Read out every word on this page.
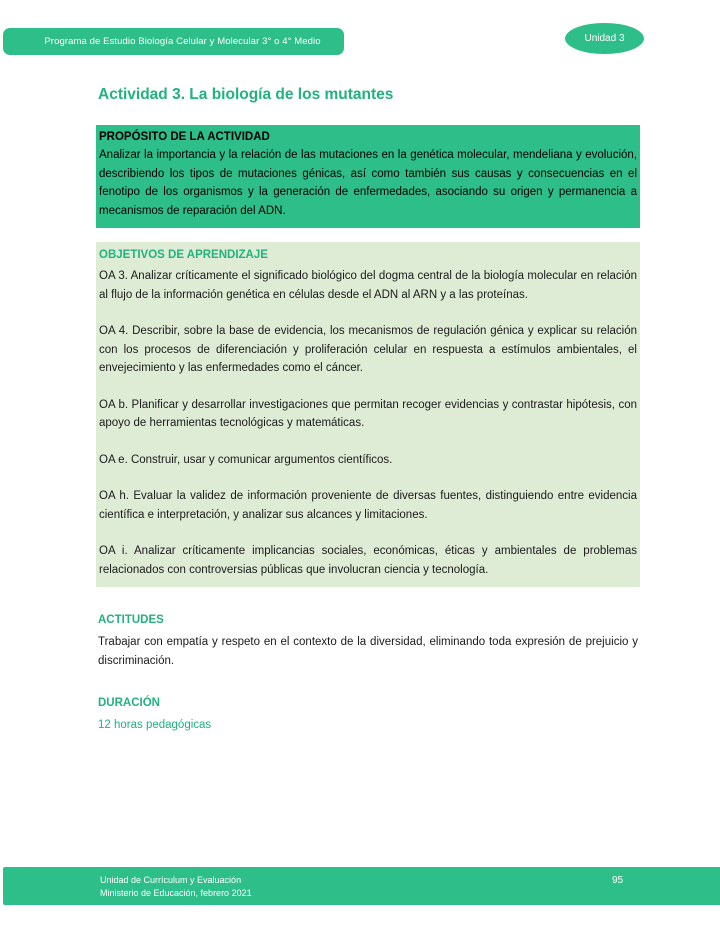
Programa de Estudio Biología Celular y Molecular 3° o 4° Medio	Unidad 3
Actividad 3. La biología de los mutantes
PROPÓSITO DE LA ACTIVIDAD

Analizar la importancia y la relación de las mutaciones en la genética molecular, mendeliana y evolución, describiendo los tipos de mutaciones génicas, así como también sus causas y consecuencias en el fenotipo de los organismos y la generación de enfermedades, asociando su origen y permanencia a mecanismos de reparación del ADN.

OBJETIVOS DE APRENDIZAJE

OA 3. Analizar críticamente el significado biológico del dogma central de la biología molecular en relación al flujo de la información genética en células desde el ADN al ARN y a las proteínas.

OA 4. Describir, sobre la base de evidencia, los mecanismos de regulación génica y explicar su relación con los procesos de diferenciación y proliferación celular en respuesta a estímulos ambientales, el envejecimiento y las enfermedades como el cáncer.

OA b. Planificar y desarrollar investigaciones que permitan recoger evidencias y contrastar hipótesis, con apoyo de herramientas tecnológicas y matemáticas.

OA e. Construir, usar y comunicar argumentos científicos.

OA h. Evaluar la validez de información proveniente de diversas fuentes, distinguiendo entre evidencia científica e interpretación, y analizar sus alcances y limitaciones.

OA i. Analizar críticamente implicancias sociales, económicas, éticas y ambientales de problemas relacionados con controversias públicas que involucran ciencia y tecnología.

ACTITUDES

Trabajar con empatía y respeto en el contexto de la diversidad, eliminando toda expresión de prejuicio y discriminación.

DURACIÓN

12 horas pedagógicas

Unidad de Currículum y Evaluación
Ministerio de Educación, febrero 2021
95
